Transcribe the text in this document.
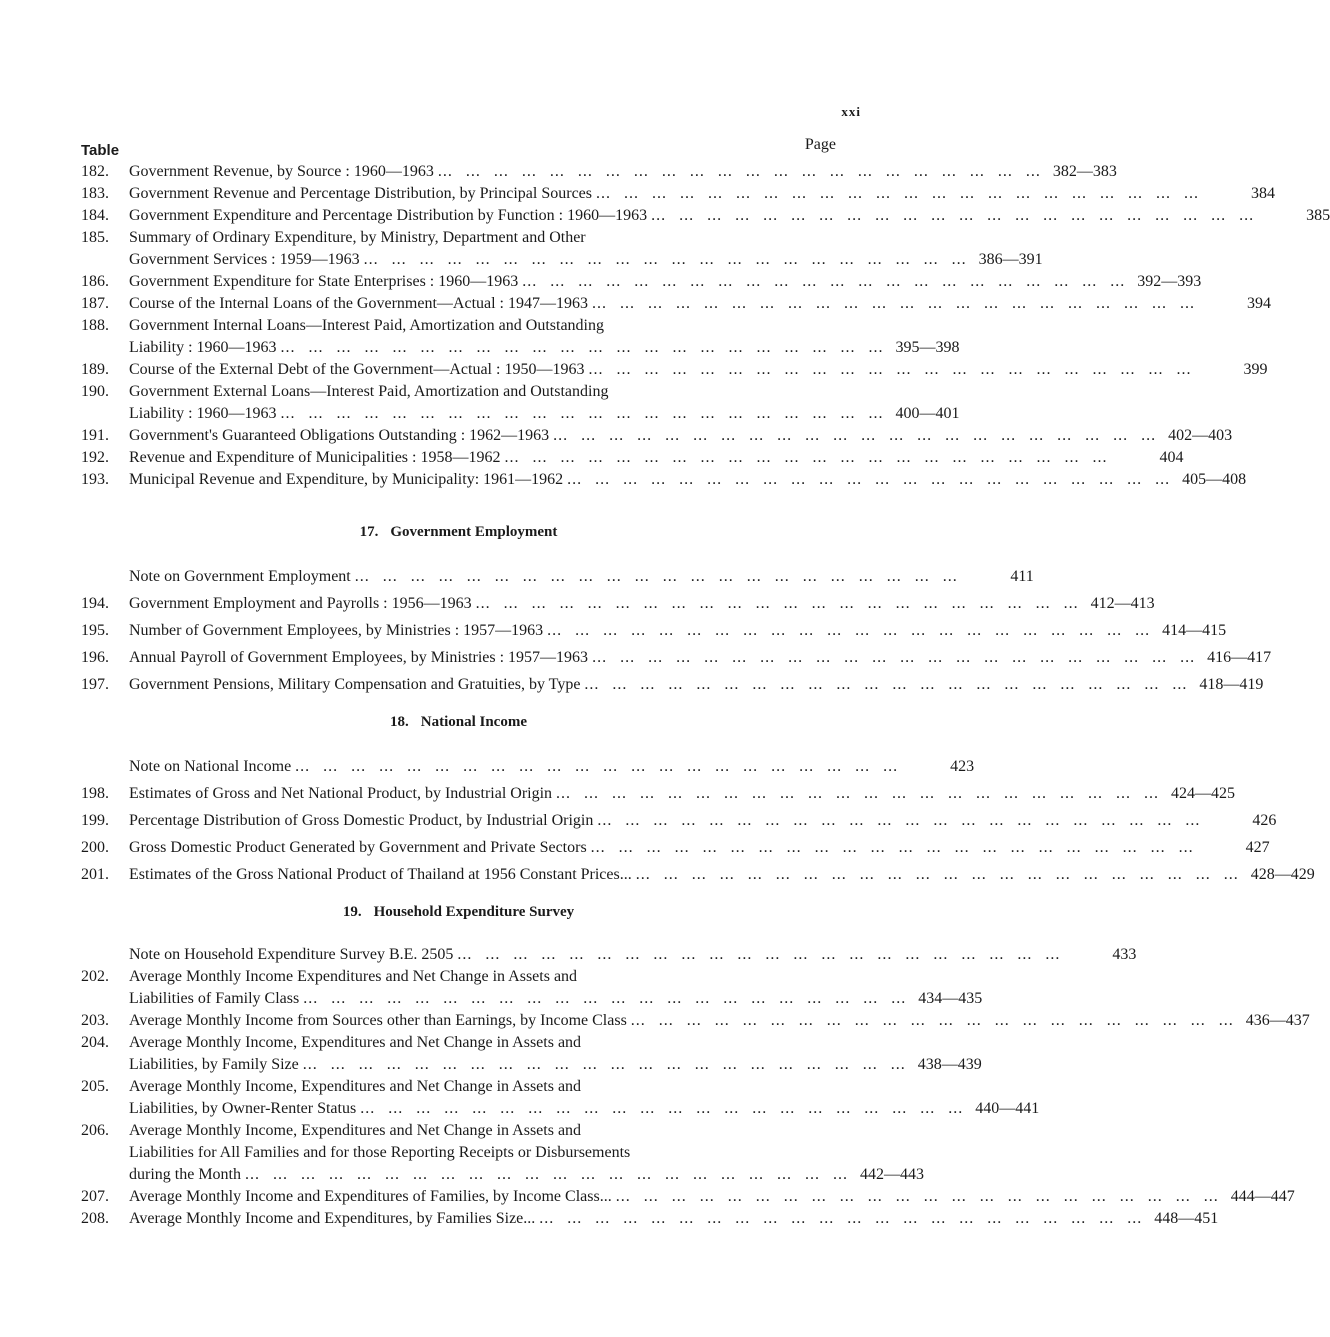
xxi
Table	Page
182.	Government Revenue, by Source : 1960—1963 ... .	382—383
183.	Government Revenue and Percentage Distribution, by Principal Sources ... .	384
184.	Government Expenditure and Percentage Distribution by Function : 1960—1963 ... .	385
185.	Summary of Ordinary Expenditure, by Ministry, Department and Other
Government Services : 1959—1963 ... .	386—391
186.	Government Expenditure for State Enterprises : 1960—1963 ... .	392—393
187.	Course of the Internal Loans of the Government—Actual : 1947—1963 ... .	394
188.	Government Internal Loans—Interest Paid, Amortization and Outstanding
Liability : 1960—1963 ... .	395—398
189.	Course of the External Debt of the Government—Actual : 1950—1963 ... .	399
190.	Government External Loans—Interest Paid, Amortization and Outstanding
Liability : 1960—1963 ... .	400—401
191.	Government's Guaranteed Obligations Outstanding : 1962—1963 ... .	402—403
192.	Revenue and Expenditure of Municipalities : 1958—1962 ... .	404
193.	Municipal Revenue and Expenditure, by Municipality: 1961—1962 ... .	405—408
17. Government Employment
Note on Government Employment ... .	411
194.	Government Employment and Payrolls : 1956—1963 ... .	412—413
195.	Number of Government Employees, by Ministries : 1957—1963 ... .	414—415
196.	Annual Payroll of Government Employees, by Ministries : 1957—1963 ... .	416—417
197.	Government Pensions, Military Compensation and Gratuities, by Type ... .	418—419
18. National Income
Note on National Income ... .	423
198.	Estimates of Gross and Net National Product, by Industrial Origin ... .	424—425
199.	Percentage Distribution of Gross Domestic Product, by Industrial Origin ... .	426
200.	Gross Domestic Product Generated by Government and Private Sectors ... .	427
201.	Estimates of the Gross National Product of Thailand at 1956 Constant Prices... ... .	428—429
19. Household Expenditure Survey
Note on Household Expenditure Survey B.E. 2505 ... .	433
202.	Average Monthly Income Expenditures and Net Change in Assets and
Liabilities of Family Class ... .	434—435
203.	Average Monthly Income from Sources other than Earnings, by Income Class ... .	436—437
204.	Average Monthly Income, Expenditures and Net Change in Assets and
Liabilities, by Family Size ... .	438—439
205.	Average Monthly Income, Expenditures and Net Change in Assets and
Liabilities, by Owner-Renter Status ... .	440—441
206.	Average Monthly Income, Expenditures and Net Change in Assets and
Liabilities for All Families and for those Reporting Receipts or Disbursements
during the Month ... .	442—443
207.	Average Monthly Income and Expenditures of Families, by Income Class... ... .	444—447
208.	Average Monthly Income and Expenditures, by Families Size... ... .	448—451
